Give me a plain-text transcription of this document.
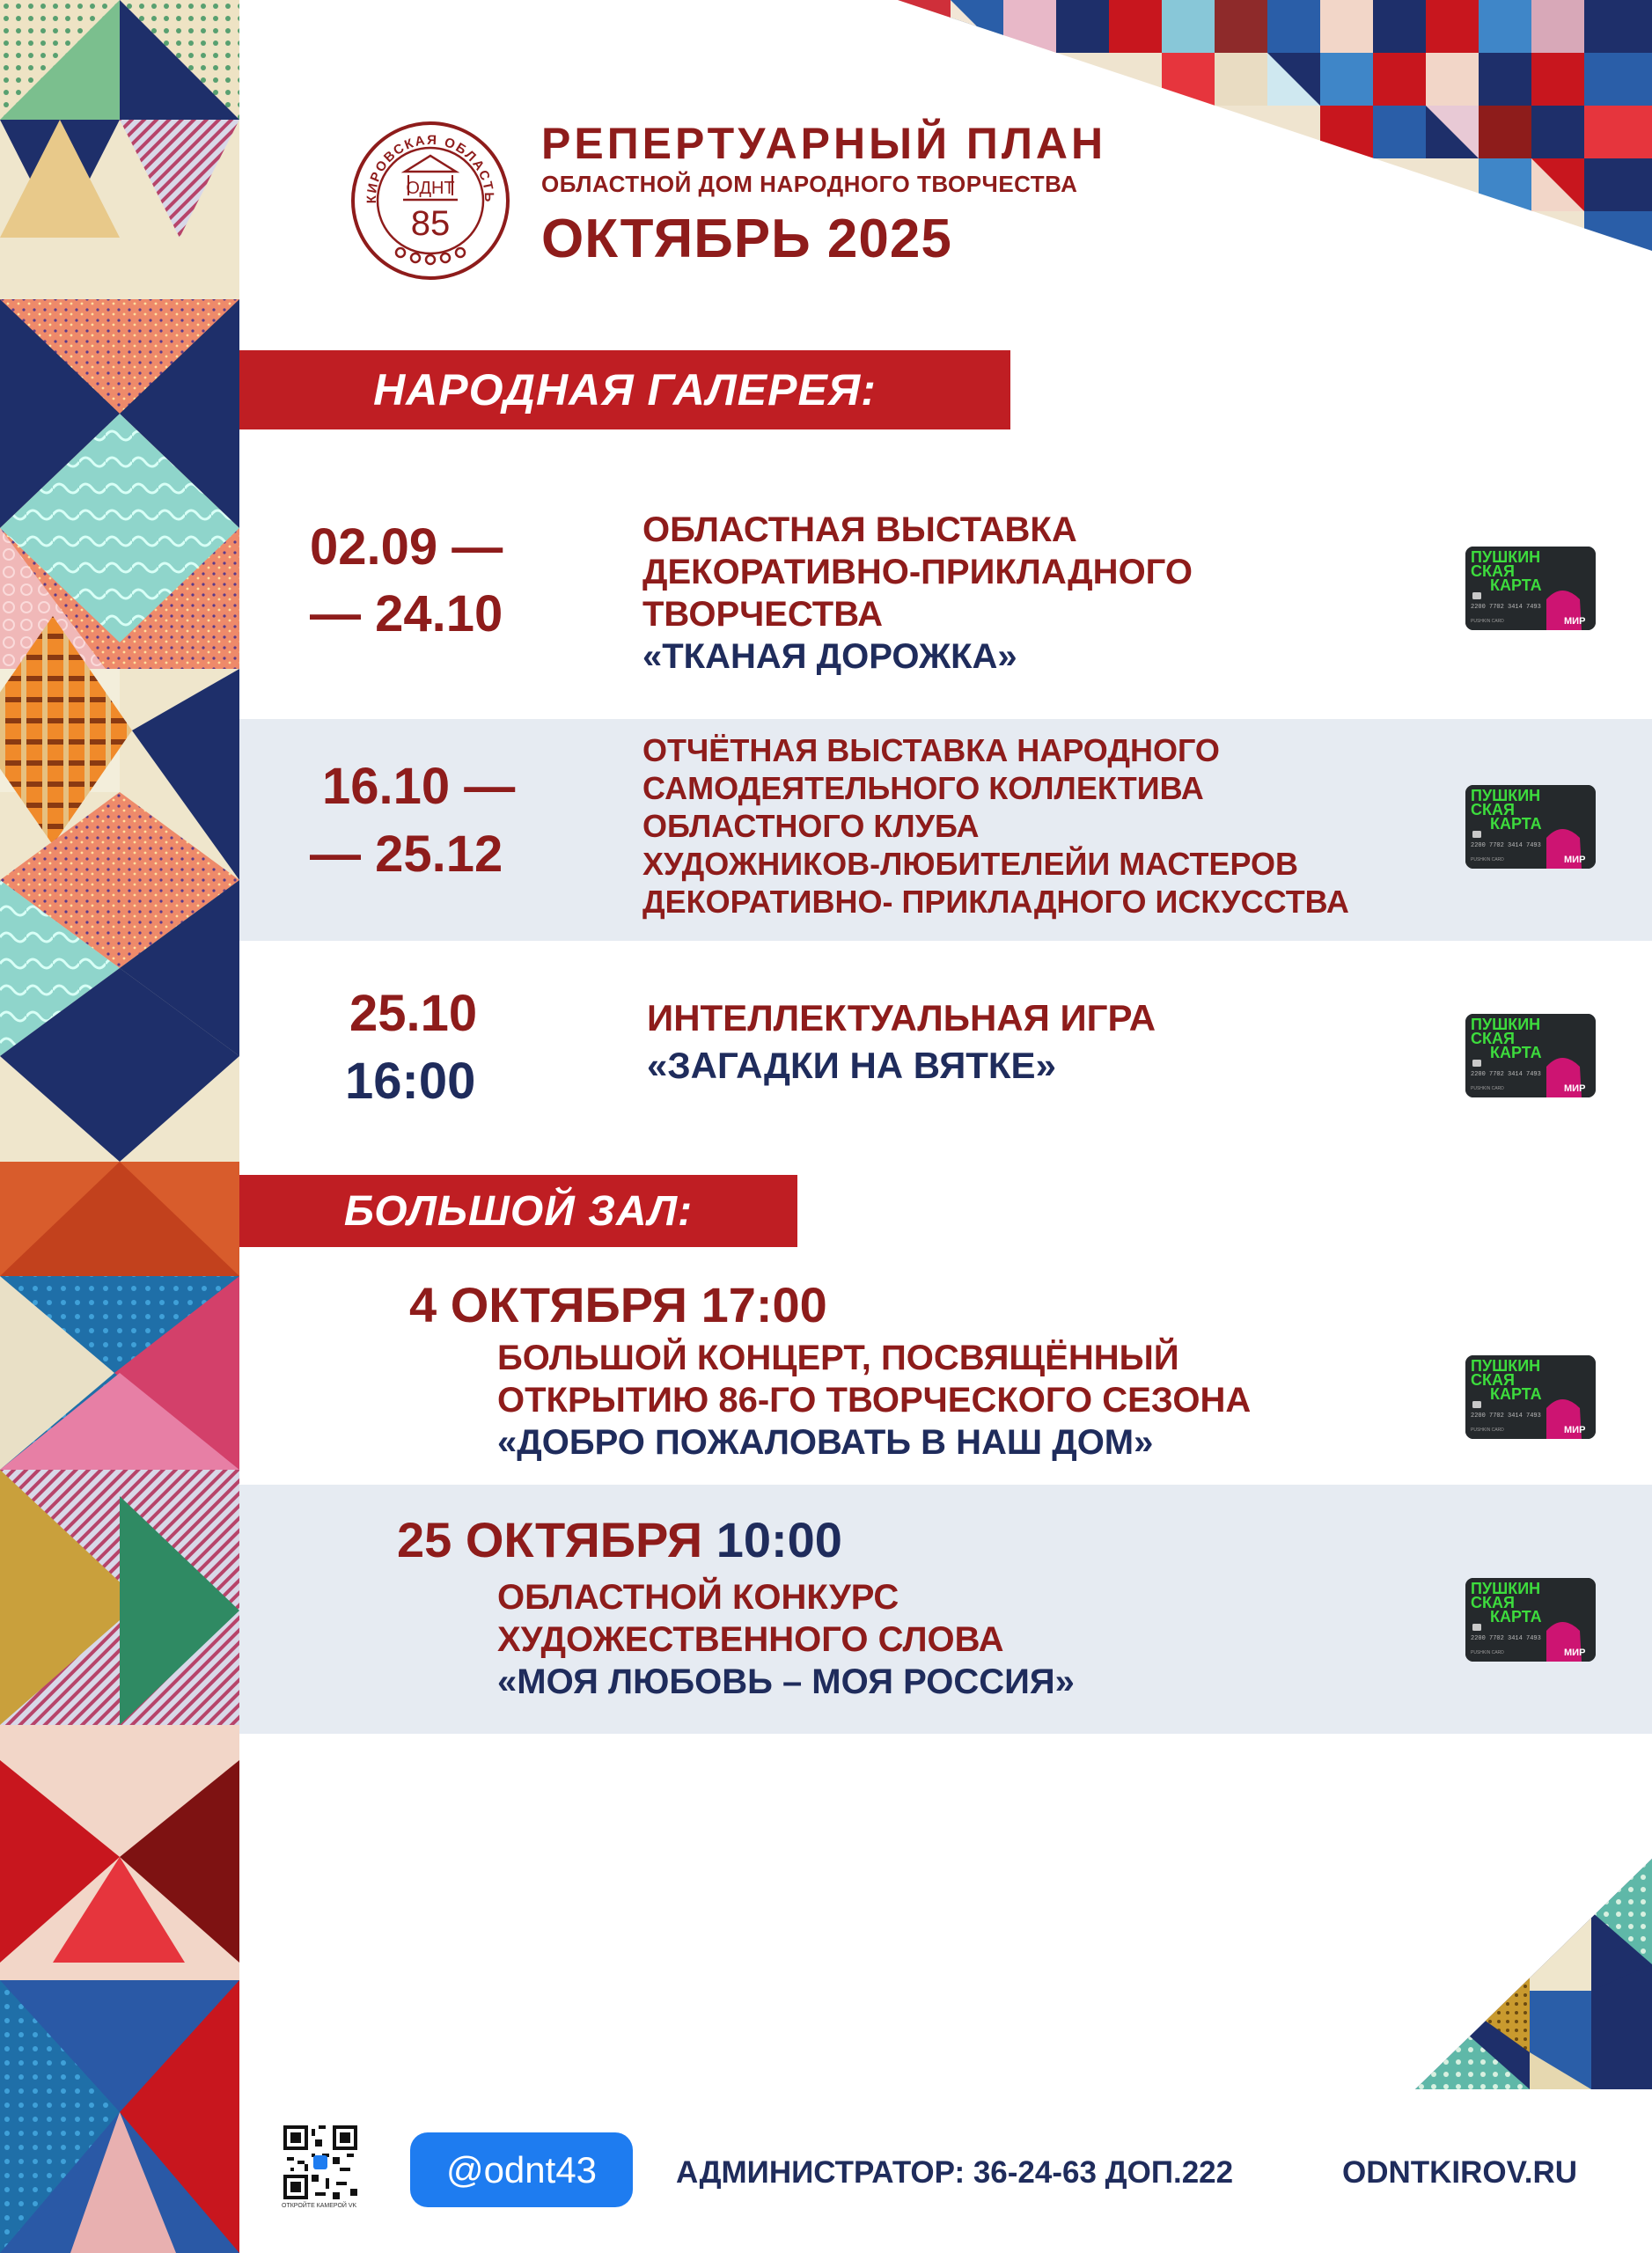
КИРОВСКАЯ ОБЛАСТЬ
ОДНТ
85
РЕПЕРТУАРНЫЙ ПЛАН
ОБЛАСТНОЙ ДОМ НАРОДНОГО ТВОРЧЕСТВА
ОКТЯБРЬ 2025
НАРОДНАЯ ГАЛЕРЕЯ:
02.09 —
— 24.10
ОБЛАСТНАЯ ВЫСТАВКА
ДЕКОРАТИВНО-ПРИКЛАДНОГО
ТВОРЧЕСТВА
«ТКАНАЯ ДОРОЖКА»
16.10 —
— 25.12
ОТЧЁТНАЯ ВЫСТАВКА НАРОДНОГО
САМОДЕЯТЕЛЬНОГО КОЛЛЕКТИВА
ОБЛАСТНОГО КЛУБА
ХУДОЖНИКОВ-ЛЮБИТЕЛЕЙИ МАСТЕРОВ
ДЕКОРАТИВНО- ПРИКЛАДНОГО ИСКУССТВА
25.10
16:00
ИНТЕЛЛЕКТУАЛЬНАЯ ИГРА
«ЗАГАДКИ НА ВЯТКЕ»
БОЛЬШОЙ ЗАЛ:
4 ОКТЯБРЯ 17:00
БОЛЬШОЙ КОНЦЕРТ, ПОСВЯЩЁННЫЙ
ОТКРЫТИЮ 86-ГО ТВОРЧЕСКОГО СЕЗОНА
«ДОБРО ПОЖАЛОВАТЬ В НАШ ДОМ»
25 ОКТЯБРЯ 10:00
ОБЛАСТНОЙ КОНКУРС
ХУДОЖЕСТВЕННОГО СЛОВА
«МОЯ ЛЮБОВЬ – МОЯ РОССИЯ»
ПУШКИН
СКАЯ
КАРТА
2200 7702 3414 7493
PUSHKIN CARD	МИР
ПУШКИН
СКАЯ
КАРТА
2200 7702 3414 7493
PUSHKIN CARD	МИР
ПУШКИН
СКАЯ
КАРТА
2200 7702 3414 7493
PUSHKIN CARD	МИР
ПУШКИН
СКАЯ
КАРТА
2200 7702 3414 7493
PUSHKIN CARD	МИР
ПУШКИН
СКАЯ
КАРТА
2200 7702 3414 7493
PUSHKIN CARD	МИР
ОТКРОЙТЕ КАМЕРОЙ VK
@odnt43	АДМИНИСТРАТОР: 36-24-63 ДОП.222	ODNTKIROV.RU
